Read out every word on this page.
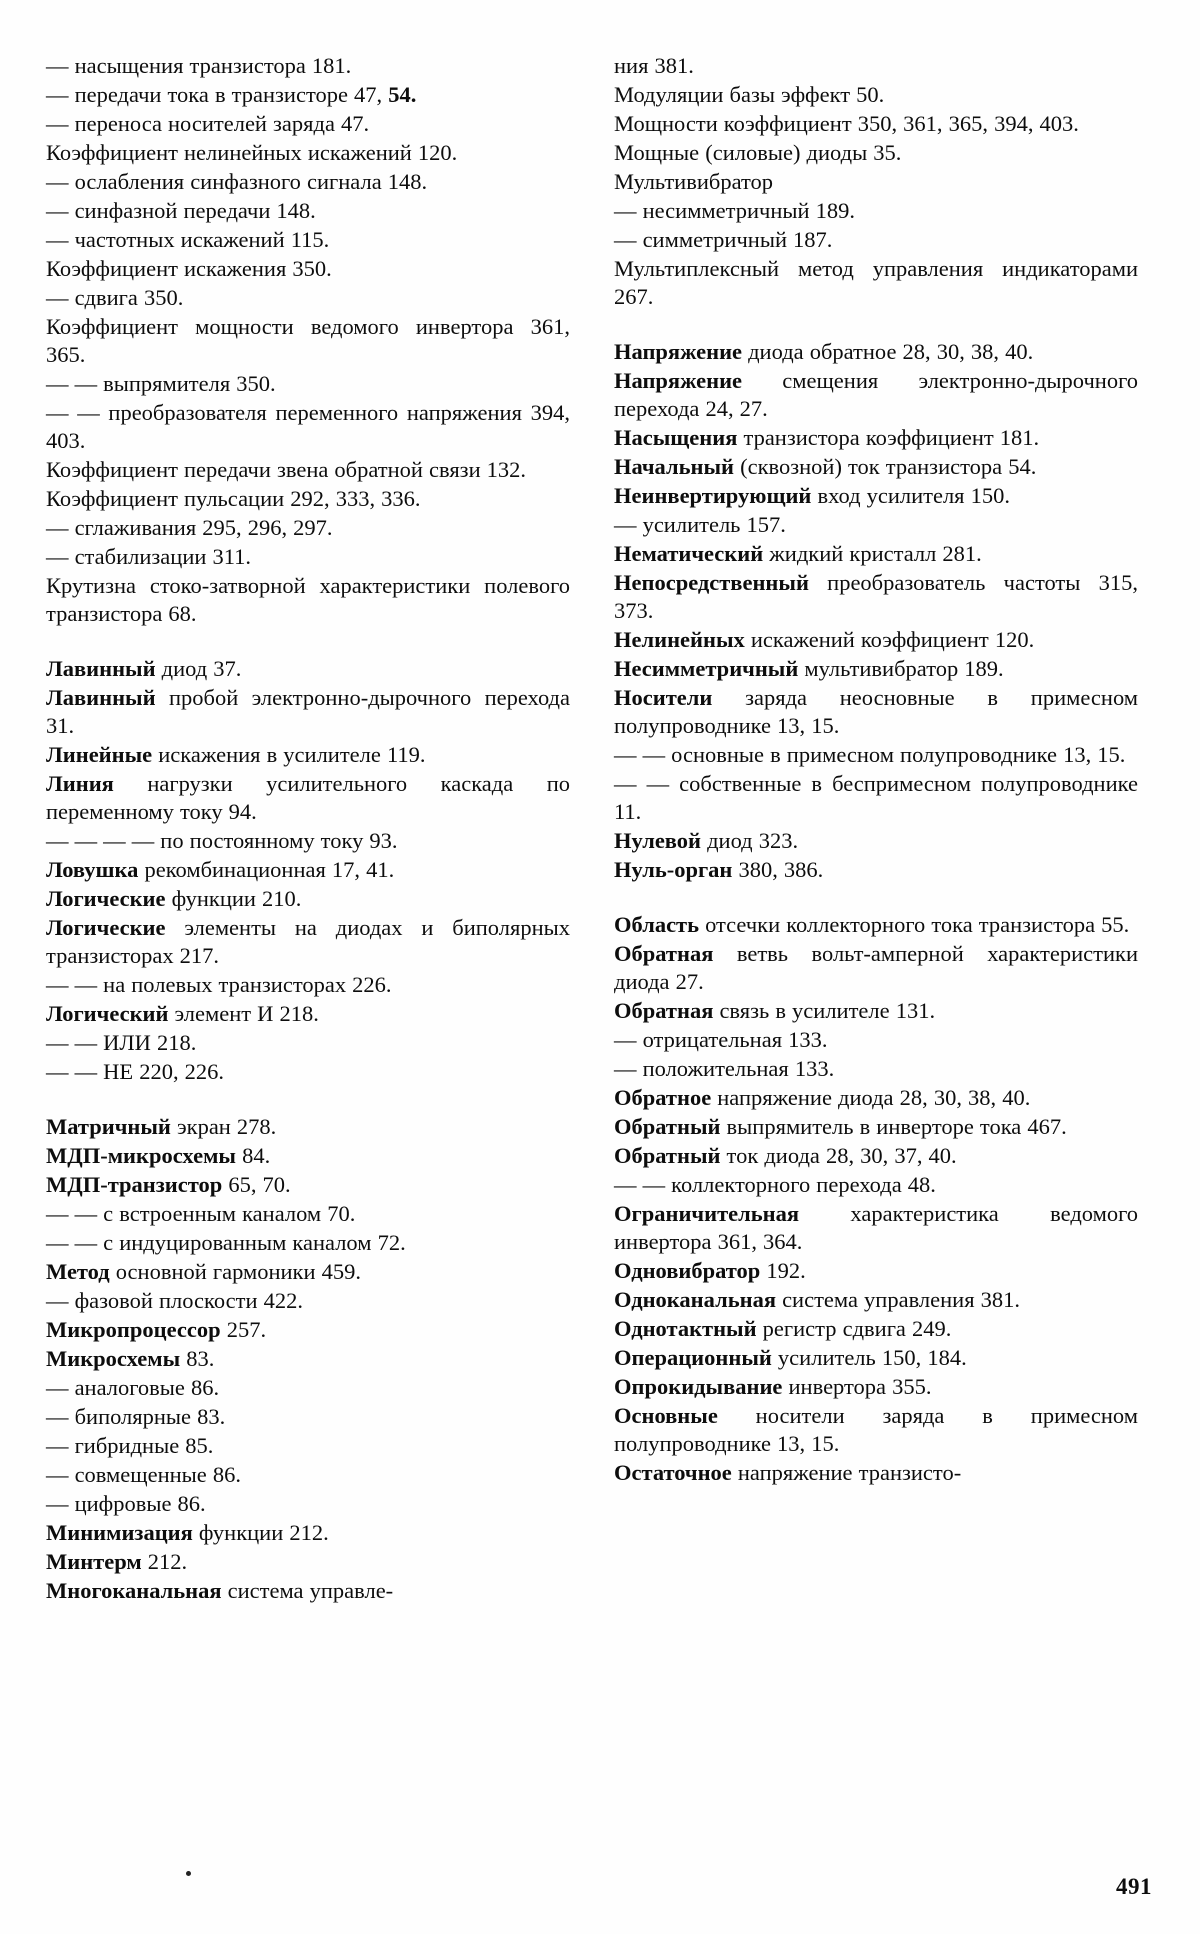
— насыщения транзистора 181.

— передачи тока в транзисторе 47, 54.

— переноса носителей заряда 47.

Коэффициент нелинейных искажений 120.

— ослабления синфазного сигнала 148.

— синфазной передачи 148.

— частотных искажений 115.

Коэффициент искажения 350.

— сдвига 350.

Коэффициент мощности ведомого инвертора 361, 365.

— — выпрямителя 350.

— — преобразователя переменного напряжения 394, 403.

Коэффициент передачи звена обратной связи 132.

Коэффициент пульсации 292, 333, 336.

— сглаживания 295, 296, 297.

— стабилизации 311.

Крутизна стоко-затворной характеристики полевого транзистора 68.

Лавинный диод 37.

Лавинный пробой электронно-дырочного перехода 31.

Линейные искажения в усилителе 119.

Линия нагрузки усилительного каскада по переменному току 94.

— — — — по постоянному току 93.

Ловушка рекомбинационная 17, 41.

Логические функции 210.

Логические элементы на диодах и биполярных транзисторах 217.

— — на полевых транзисторах 226.

Логический элемент И 218.

— — ИЛИ 218.

— — НЕ 220, 226.

Матричный экран 278.

МДП-микросхемы 84.

МДП-транзистор 65, 70.

— — с встроенным каналом 70.

— — с индуцированным каналом 72.

Метод основной гармоники 459.

— фазовой плоскости 422.

Микропроцессор 257.

Микросхемы 83.

— аналоговые 86.

— биполярные 83.

— гибридные 85.

— совмещенные 86.

— цифровые 86.

Минимизация функции 212.

Минтерм 212.

Многоканальная система управле-

ния 381.

Модуляции базы эффект 50.

Мощности коэффициент 350, 361, 365, 394, 403.

Мощные (силовые) диоды 35.

Мультивибратор

— несимметричный 189.

— симметричный 187.

Мультиплексный метод управления индикаторами 267.

Напряжение диода обратное 28, 30, 38, 40.

Напряжение смещения электронно-дырочного перехода 24, 27.

Насыщения транзистора коэффициент 181.

Начальный (сквозной) ток транзистора 54.

Неинвертирующий вход усилителя 150.

— усилитель 157.

Нематический жидкий кристалл 281.

Непосредственный преобразователь частоты 315, 373.

Нелинейных искажений коэффициент 120.

Несимметричный мультивибратор 189.

Носители заряда неосновные в примесном полупроводнике 13, 15.

— — основные в примесном полупроводнике 13, 15.

— — собственные в беспримесном полупроводнике 11.

Нулевой диод 323.

Нуль-орган 380, 386.

Область отсечки коллекторного тока транзистора 55.

Обратная ветвь вольт-амперной характеристики диода 27.

Обратная связь в усилителе 131.

— отрицательная 133.

— положительная 133.

Обратное напряжение диода 28, 30, 38, 40.

Обратный выпрямитель в инверторе тока 467.

Обратный ток диода 28, 30, 37, 40.

— — коллекторного перехода 48.

Ограничительная характеристика ведомого инвертора 361, 364.

Одновибратор 192.

Одноканальная система управления 381.

Однотактный регистр сдвига 249.

Операционный усилитель 150, 184.

Опрокидывание инвертора 355.

Основные носители заряда в примесном полупроводнике 13, 15.

Остаточное напряжение транзисто-

491
